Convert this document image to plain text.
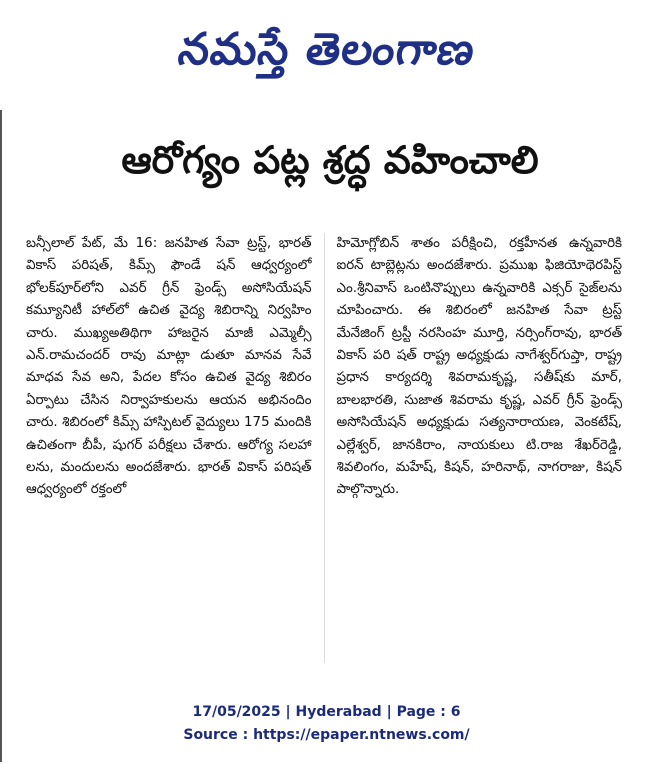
నమస్తే తెలంగాణ
ఆరోగ్యం పట్ల శ్రద్ధ వహించాలి

బన్సీలాల్ పేట్, మే 16: జనహిత సేవా ట్రస్ట్, భారత్ వికాస్ పరిషత్, కిమ్స్ ఫౌండే షన్ ఆధ్వర్యంలో భోలక్‌పూర్‌లోని ఎవర్ గ్రీన్ ఫ్రెండ్స్ అసోసియేషన్ కమ్యూనిటీ హాల్‌లో ఉచిత వైద్య శిబిరాన్ని నిర్వహిం చారు. ముఖ్యఅతిథిగా హాజరైన మాజీ ఎమ్మెల్సీ ఎన్.రామచందర్ రావు మాట్లా డుతూ మానవ సేవే మాధవ సేవ అని, పేదల కోసం ఉచిత వైద్య శిబిరం ఏర్పాటు చేసిన నిర్వాహకులను ఆయన అభినందిం చారు. శిబిరంలో కిమ్స్ హాస్పిటల్ వైద్యులు 175 మందికి ఉచితంగా బీపీ, షుగర్ పరీక్షలు చేశారు. ఆరోగ్య సలహా లను, మందులను అందజేశారు. భారత్ వికాస్ పరిషత్ ఆధ్వర్యంలో రక్తంలో

హిమోగ్లోబిన్ శాతం పరీక్షించి, రక్తహీనత ఉన్నవారికి ఐరన్ టాబ్లెట్లను అందజేశారు. ప్రముఖ ఫిజియోథెరపిస్ట్ ఎం.శ్రీనివాస్ ఒంటినొప్పులు ఉన్నవారికి ఎక్సర్ సైజ్‌లను చూపించారు. ఈ శిబిరంలో జనహిత సేవా ట్రస్ట్ మేనేజింగ్ ట్రస్టీ నరసింహ మూర్తి, నర్సింగ్‌రావు, భారత్ వికాస్ పరి షత్ రాష్ట్ర అధ్యక్షుడు నాగేశ్వర్‌గుప్తా, రాష్ట్ర ప్రధాన కార్యదర్శి శివరామకృష్ణ, సతీష్‌కు మార్, బాలభారతి, సుజాత శివరామ కృష్ణ, ఎవర్ గ్రీన్ ఫ్రెండ్స్ అసోసియేషన్ అధ్యక్షుడు సత్యనారాయణ, వెంకటేష్, ఎల్లేశ్వర్, జానకిరాం, నాయకులు టి.రాజ శేఖర్‌రెడ్డి, శివలింగం, మహేష్, కిషన్, హరినాథ్, నాగరాజు, కిషన్ పాల్గొన్నారు.

17/05/2025 | Hyderabad | Page : 6
Source : https://epaper.ntnews.com/
